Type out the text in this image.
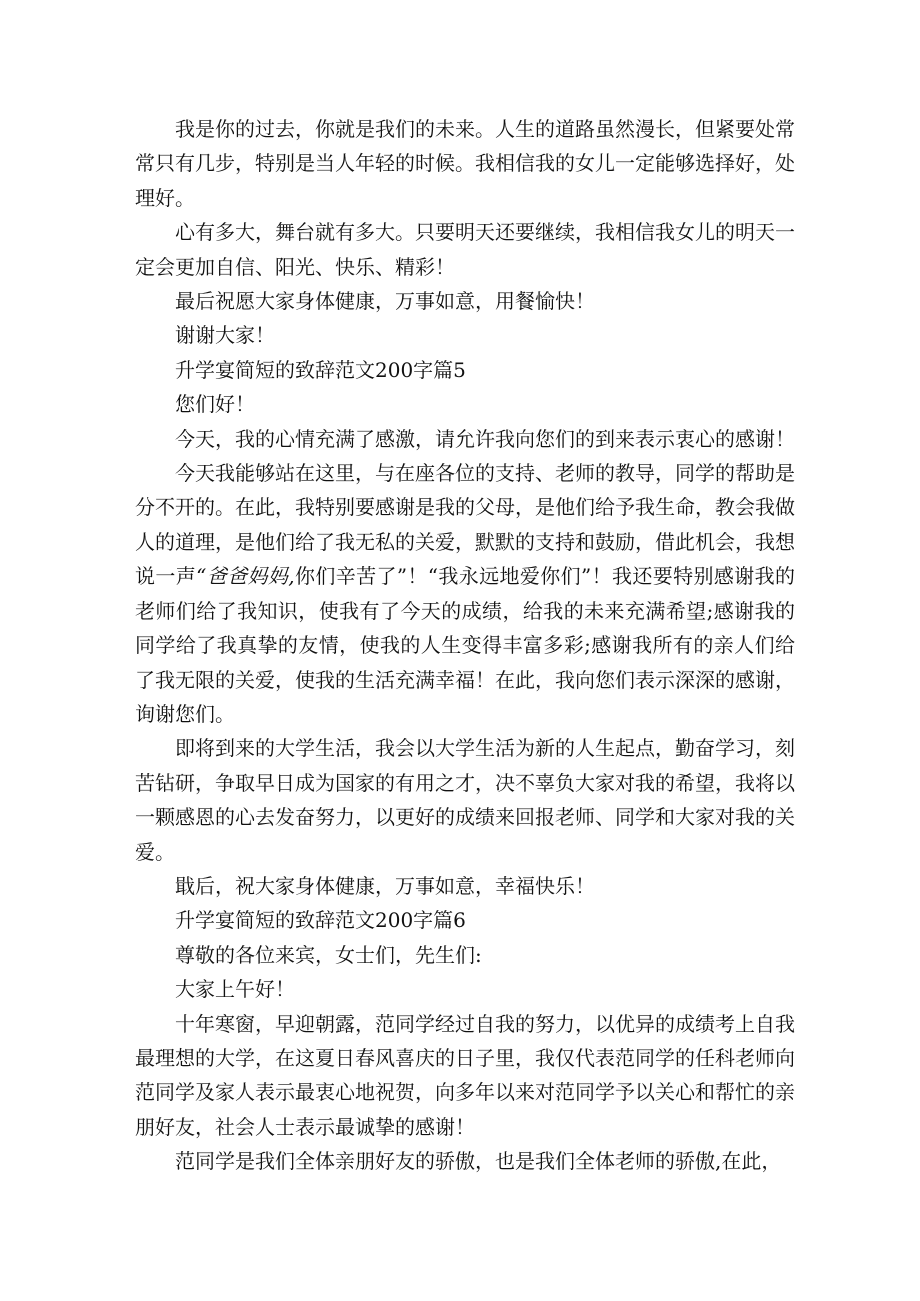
我是你的过去，你就是我们的未来。人生的道路虽然漫长，但紧要处常常只有几步，特别是当人年轻的时候。我相信我的女儿一定能够选择好，处理好。

心有多大，舞台就有多大。只要明天还要继续，我相信我女儿的明天一定会更加自信、阳光、快乐、精彩！

最后祝愿大家身体健康，万事如意，用餐愉快！

谢谢大家！

升学宴简短的致辞范文200字篇5

您们好！

今天，我的心情充满了感激，请允许我向您们的到来表示衷心的感谢！

今天我能够站在这里，与在座各位的支持、老师的教导，同学的帮助是分不开的。在此，我特别要感谢是我的父母，是他们给予我生命，教会我做人的道理，是他们给了我无私的关爱，默默的支持和鼓励，借此机会，我想说一声“爸爸妈妈,你们辛苦了”！“我永远地爱你们”！我还要特别感谢我的老师们给了我知识，使我有了今天的成绩，给我的未来充满希望;感谢我的同学给了我真挚的友情，使我的人生变得丰富多彩;感谢我所有的亲人们给了我无限的关爱，使我的生活充满幸福！在此，我向您们表示深深的感谢，询谢您们。

即将到来的大学生活，我会以大学生活为新的人生起点，勤奋学习，刻苦钻研，争取早日成为国家的有用之才，决不辜负大家对我的希望，我将以一颗感恩的心去发奋努力，以更好的成绩来回报老师、同学和大家对我的关爱。

戢后，祝大家身体健康，万事如意，幸福快乐！

升学宴简短的致辞范文200字篇6

尊敬的各位来宾，女士们，先生们:

大家上午好！

十年寒窗，早迎朝露，范同学经过自我的努力，以优异的成绩考上自我最理想的大学，在这夏日春风喜庆的日子里，我仅代表范同学的任科老师向范同学及家人表示最衷心地祝贺，向多年以来对范同学予以关心和帮忙的亲朋好友，社会人士表示最诚挚的感谢！

范同学是我们全体亲朋好友的骄傲，也是我们全体老师的骄傲,在此，
